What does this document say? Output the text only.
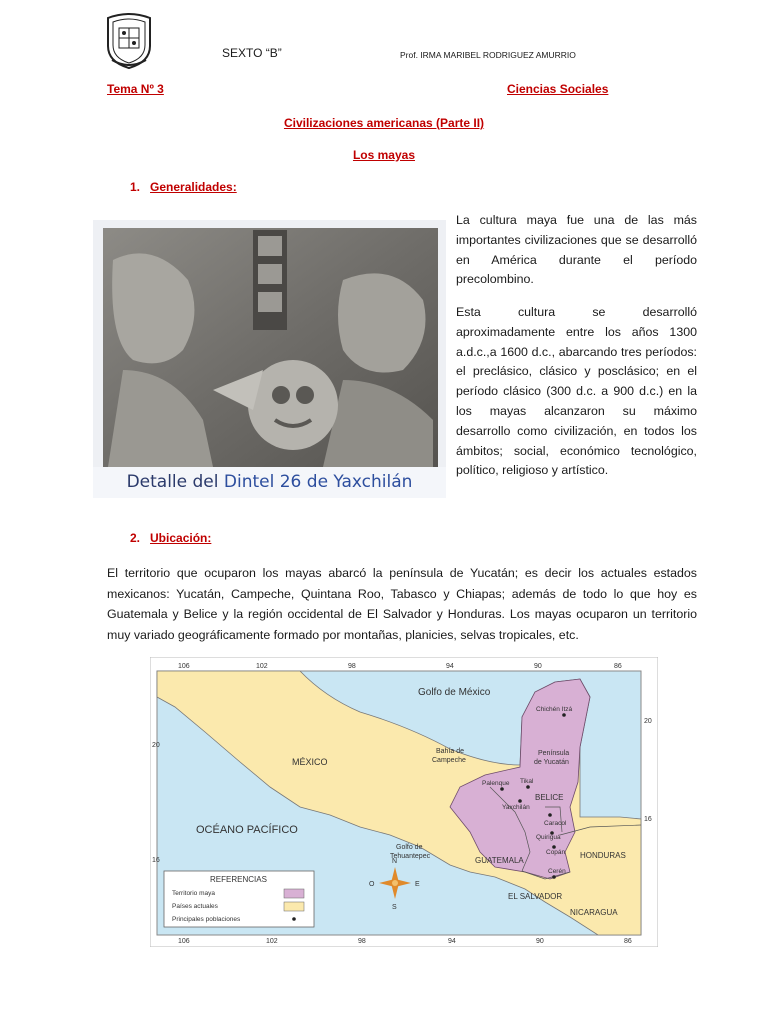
SEXTO “B”	Prof. IRMA MARIBEL RODRIGUEZ AMURRIO
Tema Nº 3	Ciencias Sociales
Civilizaciones americanas (Parte II)
Los mayas
1. Generalidades:
Detalle del Dintel 26 de Yaxchilán

La cultura maya fue una de las más importantes civilizaciones que se desarrolló en América durante el período precolombino.

Esta cultura se desarrolló aproximadamente entre los años 1300 a.d.c.,a 1600 d.c., abarcando tres períodos: el preclásico, clásico y posclásico; en el período clásico (300 d.c. a 900 d.c.) en la los mayas alcanzaron su máximo desarrollo como civilización, en todos los ámbitos; social, económico tecnológico, político, religioso y artístico.

2. Ubicación:

El territorio que ocuparon los mayas abarcó la península de Yucatán; es decir los actuales estados mexicanos: Yucatán, Campeche, Quintana Roo, Tabasco y Chiapas; además de todo lo que hoy es Guatemala y Belice y la región occidental de El Salvador y Honduras. Los mayas ocuparon un territorio muy variado geográficamente formado por montañas, planicies, selvas tropicales, etc.

106	102	98	94	90	86
106	102	98	94	90	86
20
16
20
16
Golfo de México
MÉXICO
OCÉANO PACÍFICO
Bahía de
Campeche
Golfo de
Tehuantepec
Península
de Yucatán
BELICE
GUATEMALA
HONDURAS
EL SALVADOR
NICARAGUA
Chichén Itzá
Palenque Tikal
Yaxchilán
Caracol
Quiriguá
Copán
Cerén
N
S
E
O
REFERENCIAS
Territorio maya
Países actuales
Principales poblaciones
